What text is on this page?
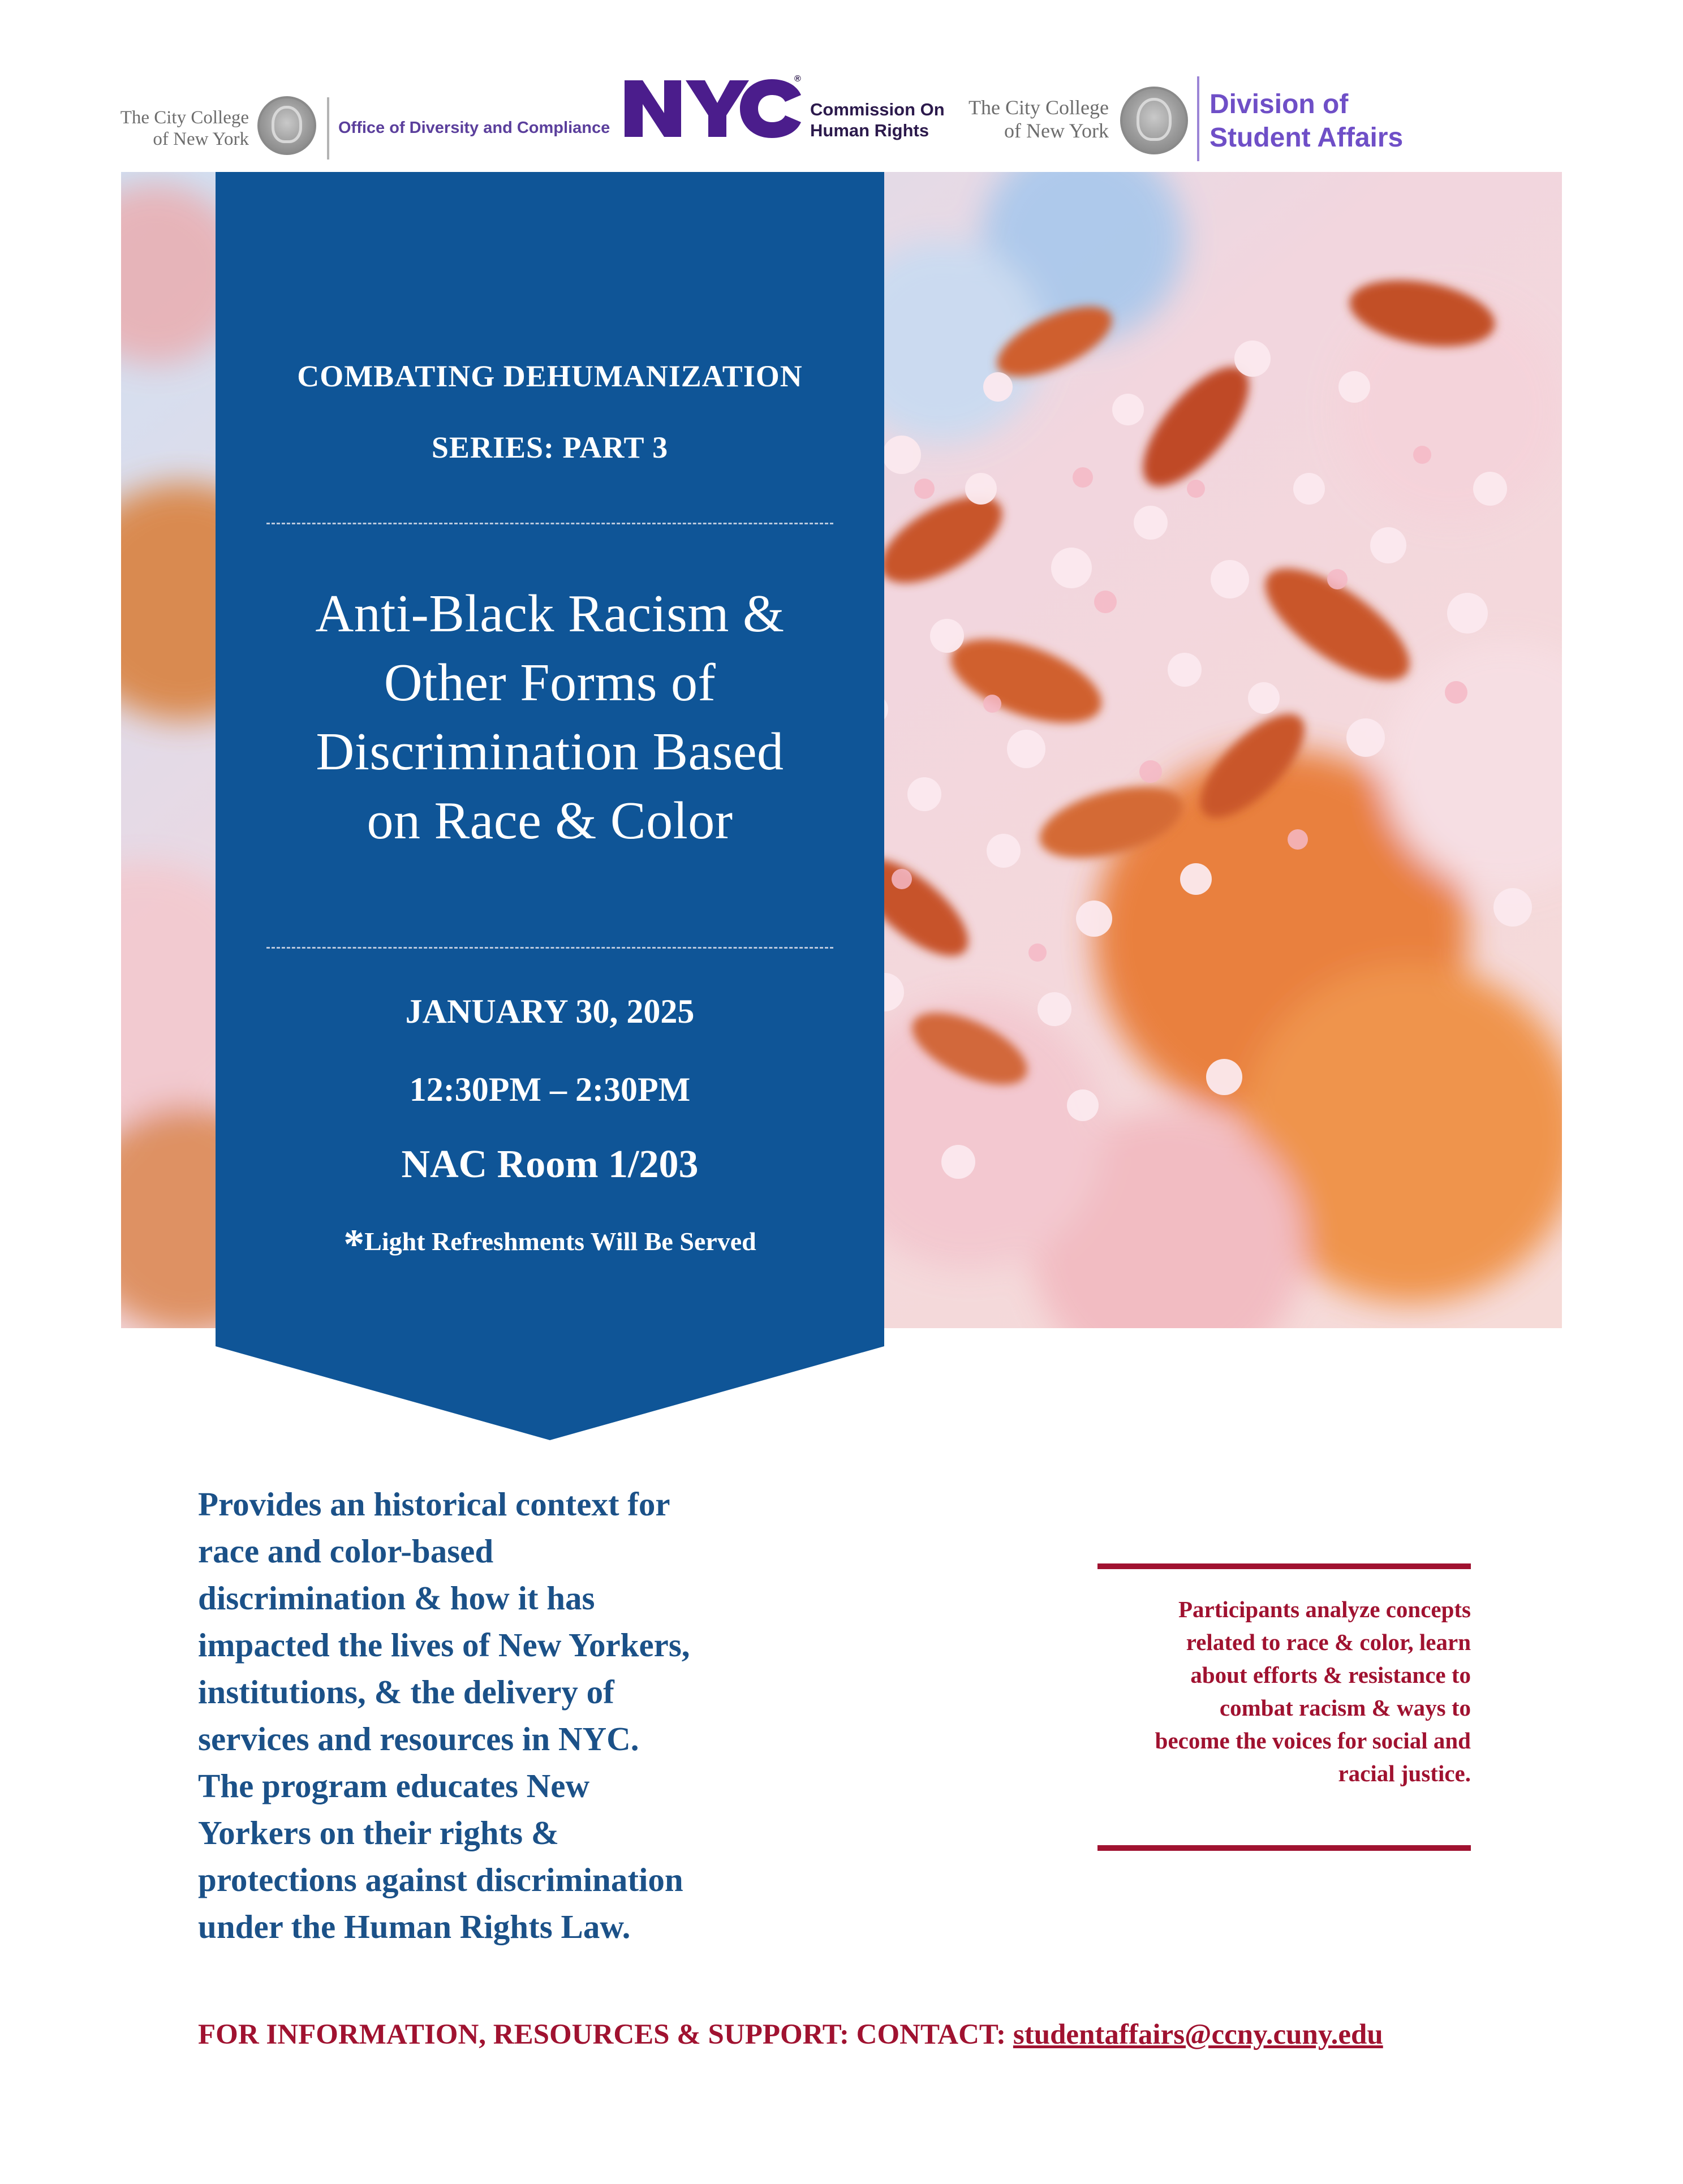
The City College
of New York
Office of Diversity and Compliance
®
Commission On
Human Rights
The City College
of New York
Division of
Student Affairs
COMBATING DEHUMANIZATION
SERIES: PART 3
Anti-Black Racism &
Other Forms of
Discrimination Based
on Race & Color
JANUARY 30, 2025
12:30PM – 2:30PM
NAC Room 1/203
*Light Refreshments Will Be Served
Provides an historical context for
race and color-based
discrimination & how it has
impacted the lives of New Yorkers,
institutions, & the delivery of
services and resources in NYC.
The program educates New
Yorkers on their rights &
protections against discrimination
under the Human Rights Law.
Participants analyze concepts
related to race & color, learn
about efforts & resistance to
combat racism & ways to
become the voices for social and
racial justice.
FOR INFORMATION, RESOURCES & SUPPORT: CONTACT: studentaffairs@ccny.cuny.edu
